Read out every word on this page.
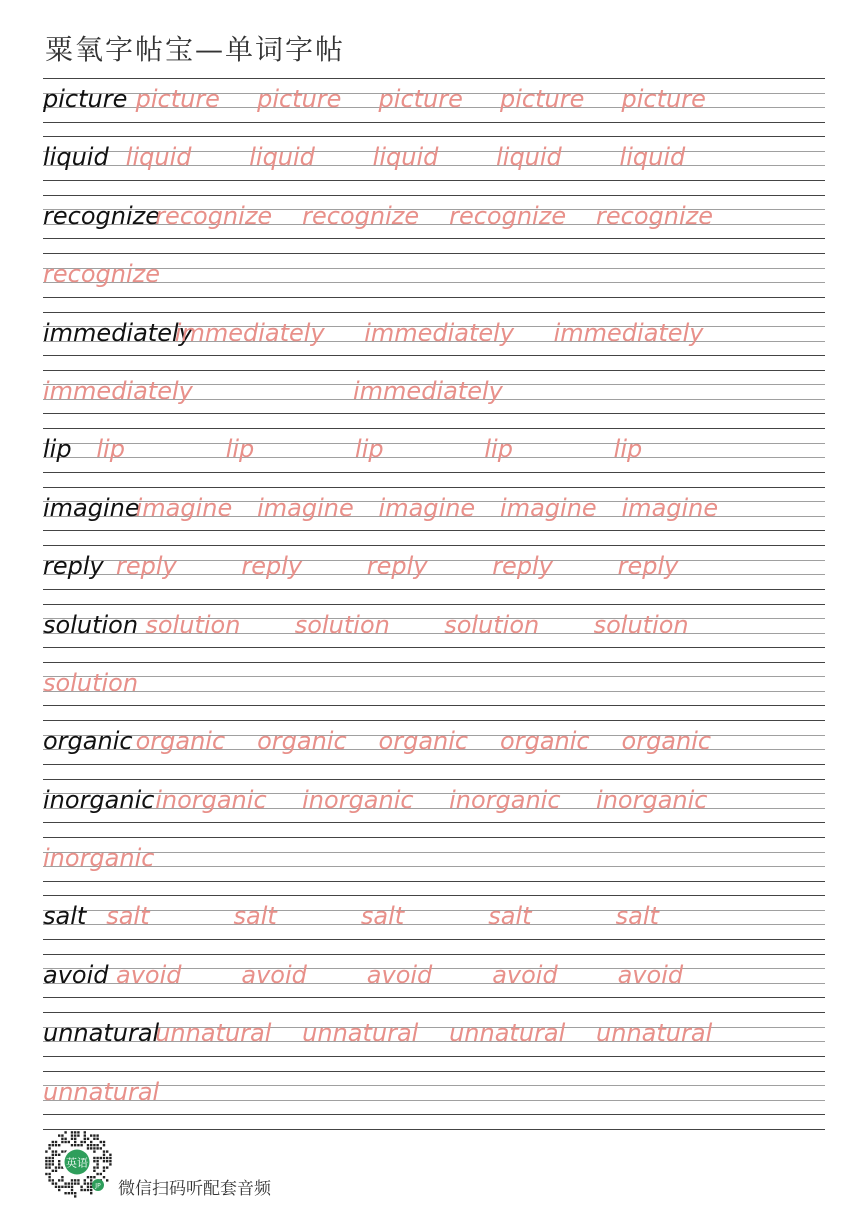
粟氧字帖宝—单词字帖
picture picture picture picture picture picture
liquid liquid liquid liquid liquid liquid
recognize
recognize recognize recognize recognize
recognize
immediately
immediately immediately immediately
immediately	immediately
lip lip	lip	lip	lip	lip
imagine
imagine imagine imagine imagine imagine
reply reply	reply	reply	reply	reply
solution solution solution solution solution
solution
organic organic organic organic organic organic
inorganic inorganic inorganic inorganic inorganic
inorganic
salt salt	salt	salt	salt	salt
avoid avoid avoid avoid avoid avoid
unnatural
unnatural unnatural unnatural unnatural
unnatural
英语
JP 微信扫码听配套音频
